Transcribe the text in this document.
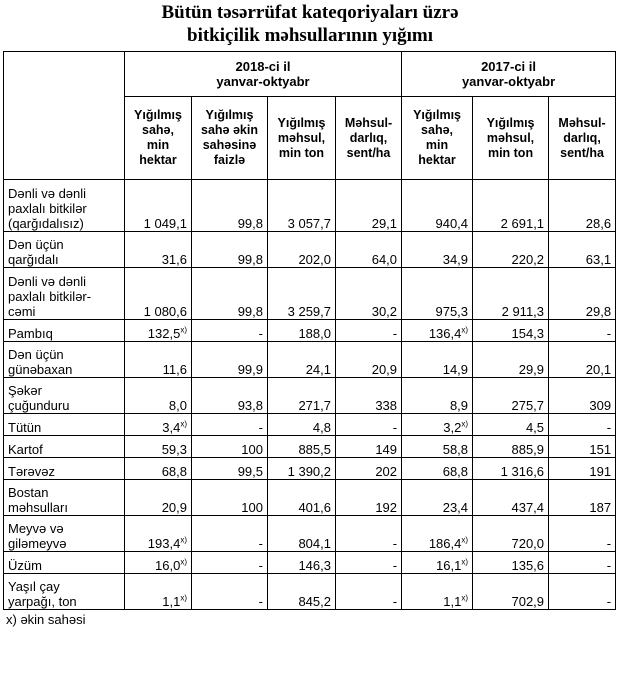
Bütün təsərrüfat kateqoriyaları üzrə
bitkiçilik məhsullarının yığımı
	2018-ci il
yanvar-oktyabr				2017-ci il
yanvar-oktyabr		
	Yığılmış
sahə,
min
hektar	Yığılmış
sahə əkin
sahəsinə
faizlə	Yığılmış
məhsul,
min ton	Məhsul-
darlıq,
sent/ha	Yığılmış
sahə,
min
hektar	Yığılmış
məhsul,
min ton	Məhsul-
darlıq,
sent/ha
Dənli və dənli
paxlalı bitkilər
(qarğıdalısız)	1 049,1	99,8	3 057,7	29,1	940,4	2 691,1	28,6
Dən üçün
qarğıdalı	31,6	99,8	202,0	64,0	34,9	220,2	63,1
Dənli və dənli
paxlalı bitkilər-
cəmi	1 080,6	99,8	3 259,7	30,2	975,3	2 911,3	29,8
Pambıq	132,5$^{x)}$	-	188,0	-	136,4$^{x)}$	154,3	-
Dən üçün
günəbaxan	11,6	99,9	24,1	20,9	14,9	29,9	20,1
Şəkər
çuğunduru	8,0	93,8	271,7	338	8,9	275,7	309
Tütün	3,4$^{x)}$	-	4,8	-	3,2$^{x)}$	4,5	-
Kartof	59,3	100	885,5	149	58,8	885,9	151
Tərəvəz	68,8	99,5	1 390,2	202	68,8	1 316,6	191
Bostan
məhsulları	20,9	100	401,6	192	23,4	437,4	187
Meyvə və
giləmeyvə	193,4$^{x)}$	-	804,1	-	186,4$^{x)}$	720,0	-
Üzüm	16,0$^{x)}$	-	146,3	-	16,1$^{x)}$	135,6	-
Yaşıl çay
yarpağı, ton	1,1$^{x)}$	-	845,2	-	1,1$^{x)}$	702,9	-
x) əkin sahəsi
